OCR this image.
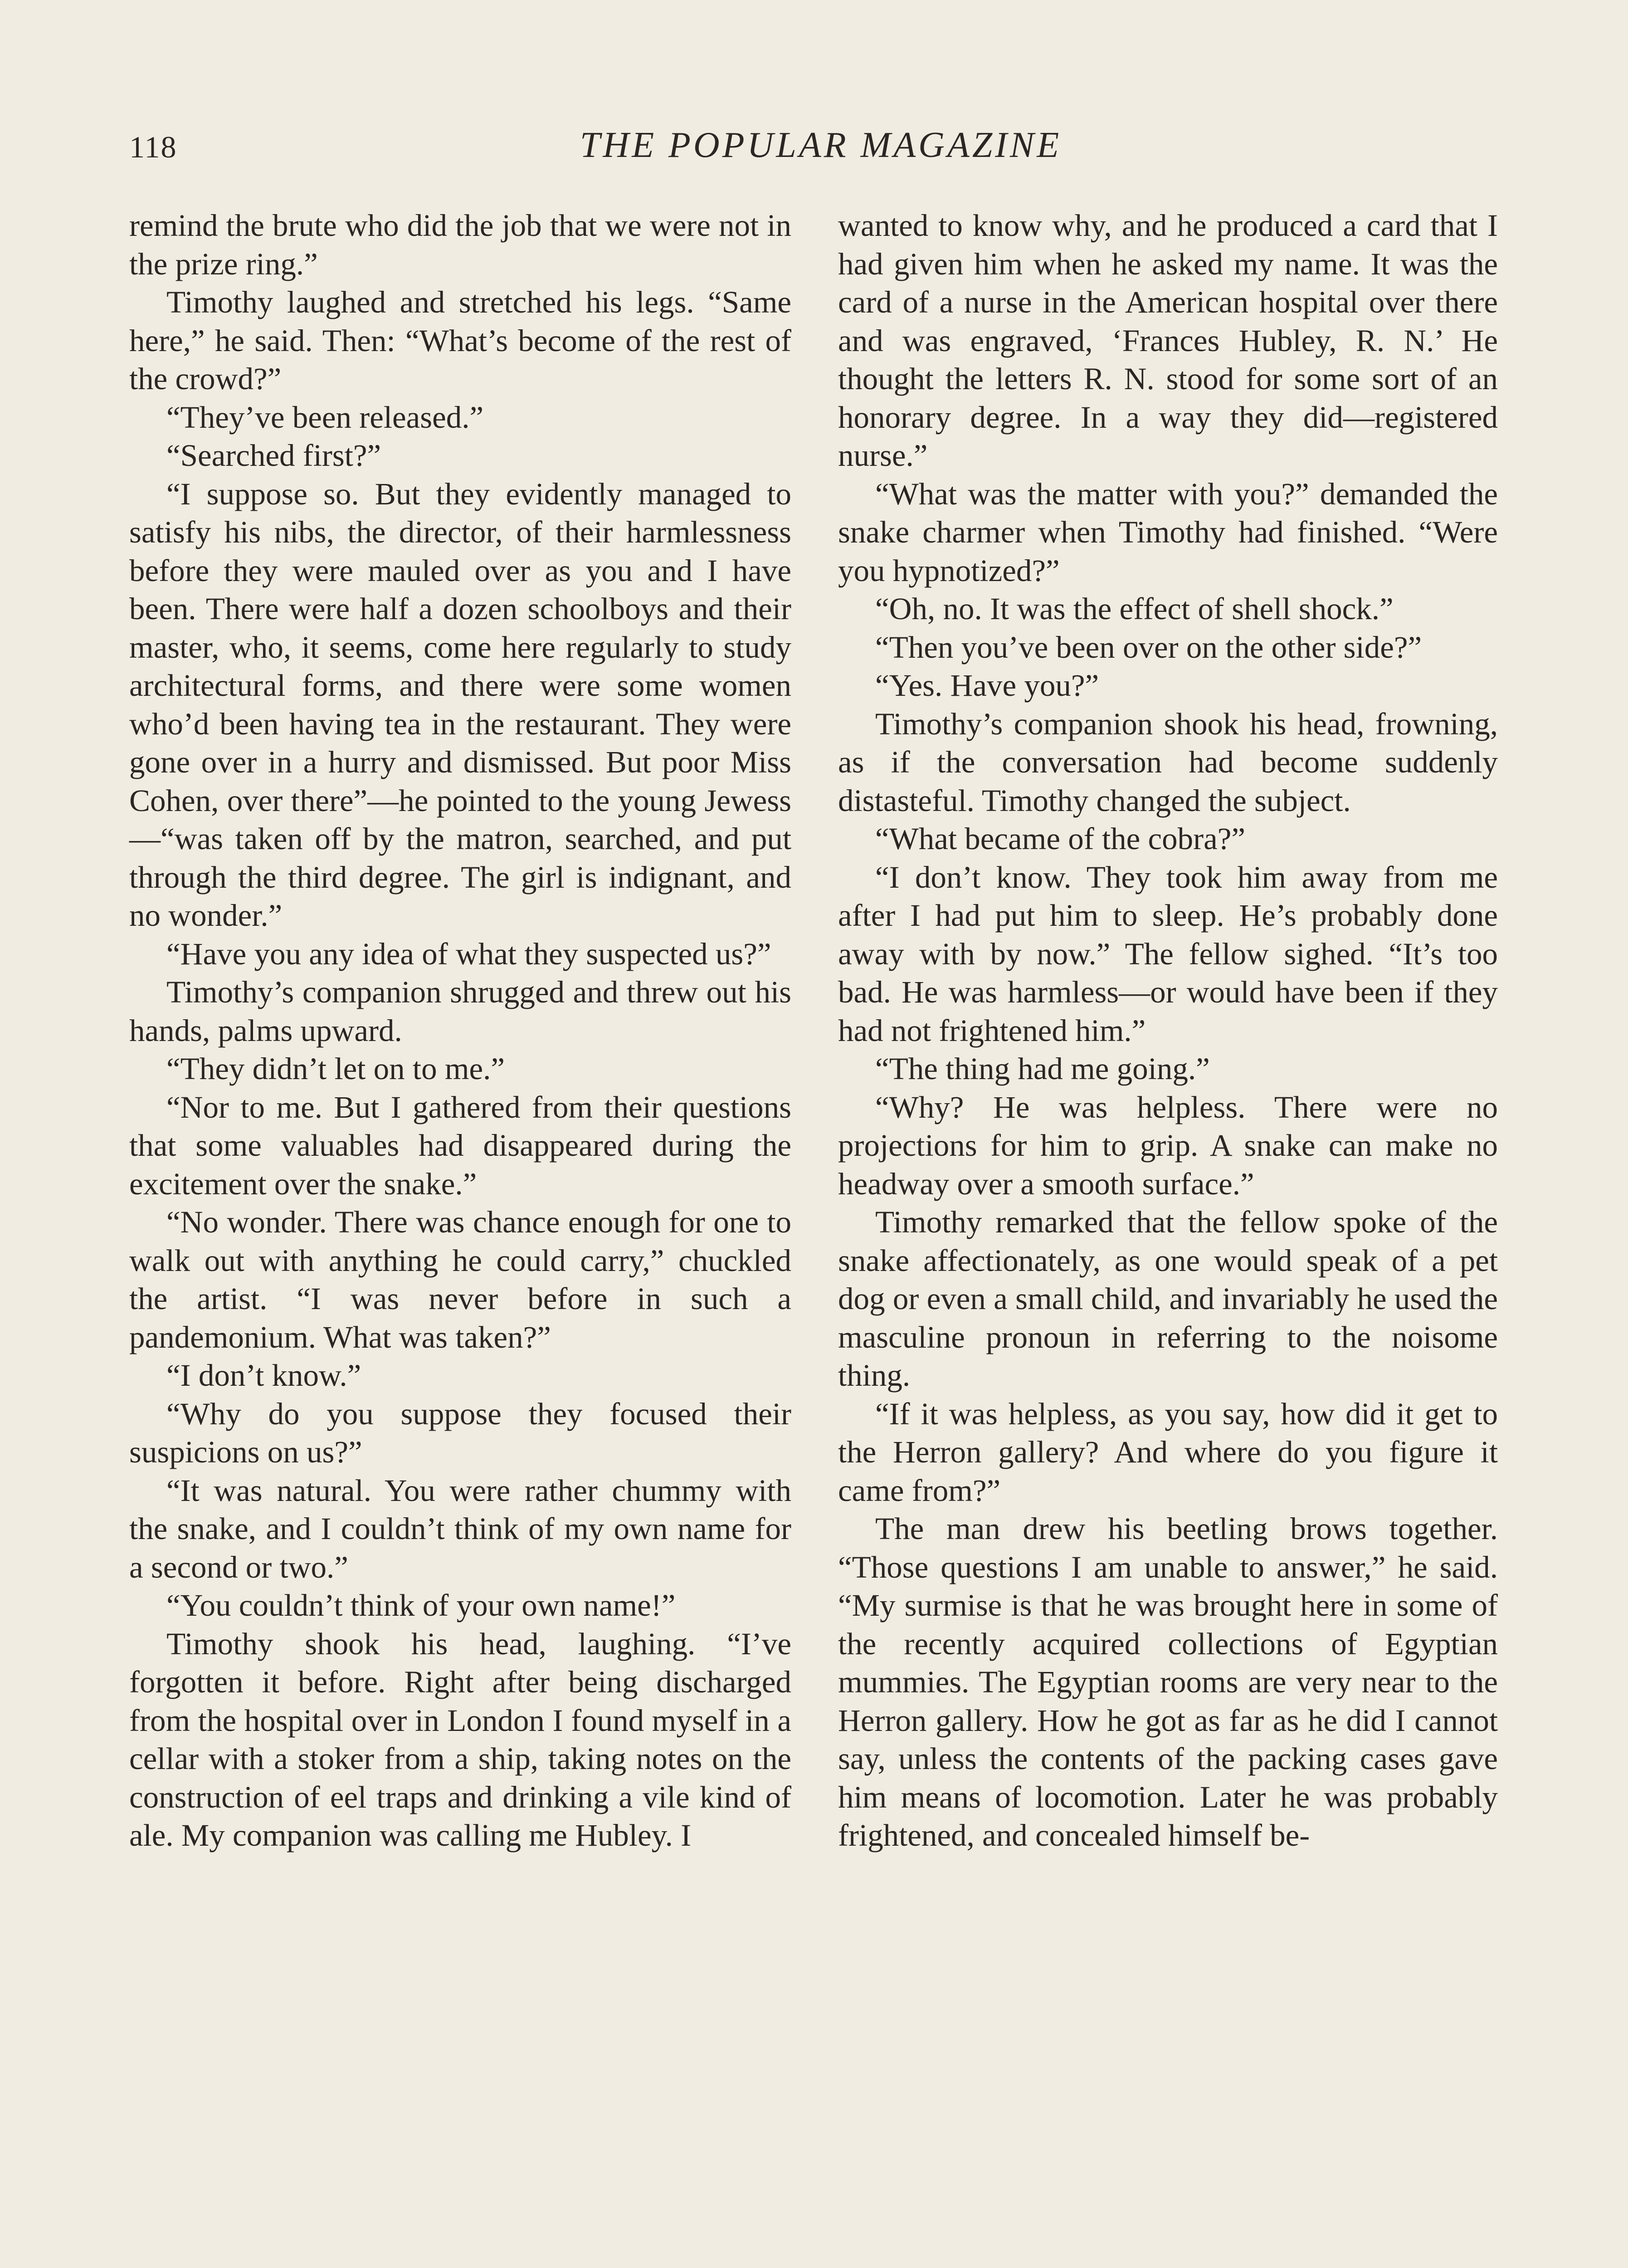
118	THE POPULAR MAGAZINE

remind the brute who did the job that we were not in the prize ring.”

Timothy laughed and stretched his legs. “Same here,” he said. Then: “What’s become of the rest of the crowd?”

“They’ve been released.”

“Searched first?”

“I suppose so. But they evidently managed to satisfy his nibs, the director, of their harmlessness before they were mauled over as you and I have been. There were half a dozen schoolboys and their master, who, it seems, come here regularly to study architectural forms, and there were some women who’d been having tea in the restaurant. They were gone over in a hurry and dismissed. But poor Miss Cohen, over there”—he pointed to the young Jewess—“was taken off by the matron, searched, and put through the third degree. The girl is indignant, and no wonder.”

“Have you any idea of what they suspected us?”

Timothy’s companion shrugged and threw out his hands, palms upward.

“They didn’t let on to me.”

“Nor to me. But I gathered from their questions that some valuables had disappeared during the excitement over the snake.”

“No wonder. There was chance enough for one to walk out with anything he could carry,” chuckled the artist. “I was never before in such a pandemonium. What was taken?”

“I don’t know.”

“Why do you suppose they focused their suspicions on us?”

“It was natural. You were rather chummy with the snake, and I couldn’t think of my own name for a second or two.”

“You couldn’t think of your own name!”

Timothy shook his head, laughing. “I’ve forgotten it before. Right after being discharged from the hospital over in London I found myself in a cellar with a stoker from a ship, taking notes on the construction of eel traps and drinking a vile kind of ale. My companion was calling me Hubley. I

wanted to know why, and he produced a card that I had given him when he asked my name. It was the card of a nurse in the American hospital over there and was engraved, ‘Frances Hubley, R. N.’ He thought the letters R. N. stood for some sort of an honorary degree. In a way they did—registered nurse.”

“What was the matter with you?” demanded the snake charmer when Timothy had finished. “Were you hypnotized?”

“Oh, no. It was the effect of shell shock.”

“Then you’ve been over on the other side?”

“Yes. Have you?”

Timothy’s companion shook his head, frowning, as if the conversation had become suddenly distasteful. Timothy changed the subject.

“What became of the cobra?”

“I don’t know. They took him away from me after I had put him to sleep. He’s probably done away with by now.” The fellow sighed. “It’s too bad. He was harmless—or would have been if they had not frightened him.”

“The thing had me going.”

“Why? He was helpless. There were no projections for him to grip. A snake can make no headway over a smooth surface.”

Timothy remarked that the fellow spoke of the snake affectionately, as one would speak of a pet dog or even a small child, and invariably he used the masculine pronoun in referring to the noisome thing.

“If it was helpless, as you say, how did it get to the Herron gallery? And where do you figure it came from?”

The man drew his beetling brows together. “Those questions I am unable to answer,” he said. “My surmise is that he was brought here in some of the recently acquired collections of Egyptian mummies. The Egyptian rooms are very near to the Herron gallery. How he got as far as he did I cannot say, unless the contents of the packing cases gave him means of locomotion. Later he was probably frightened, and concealed himself be-
